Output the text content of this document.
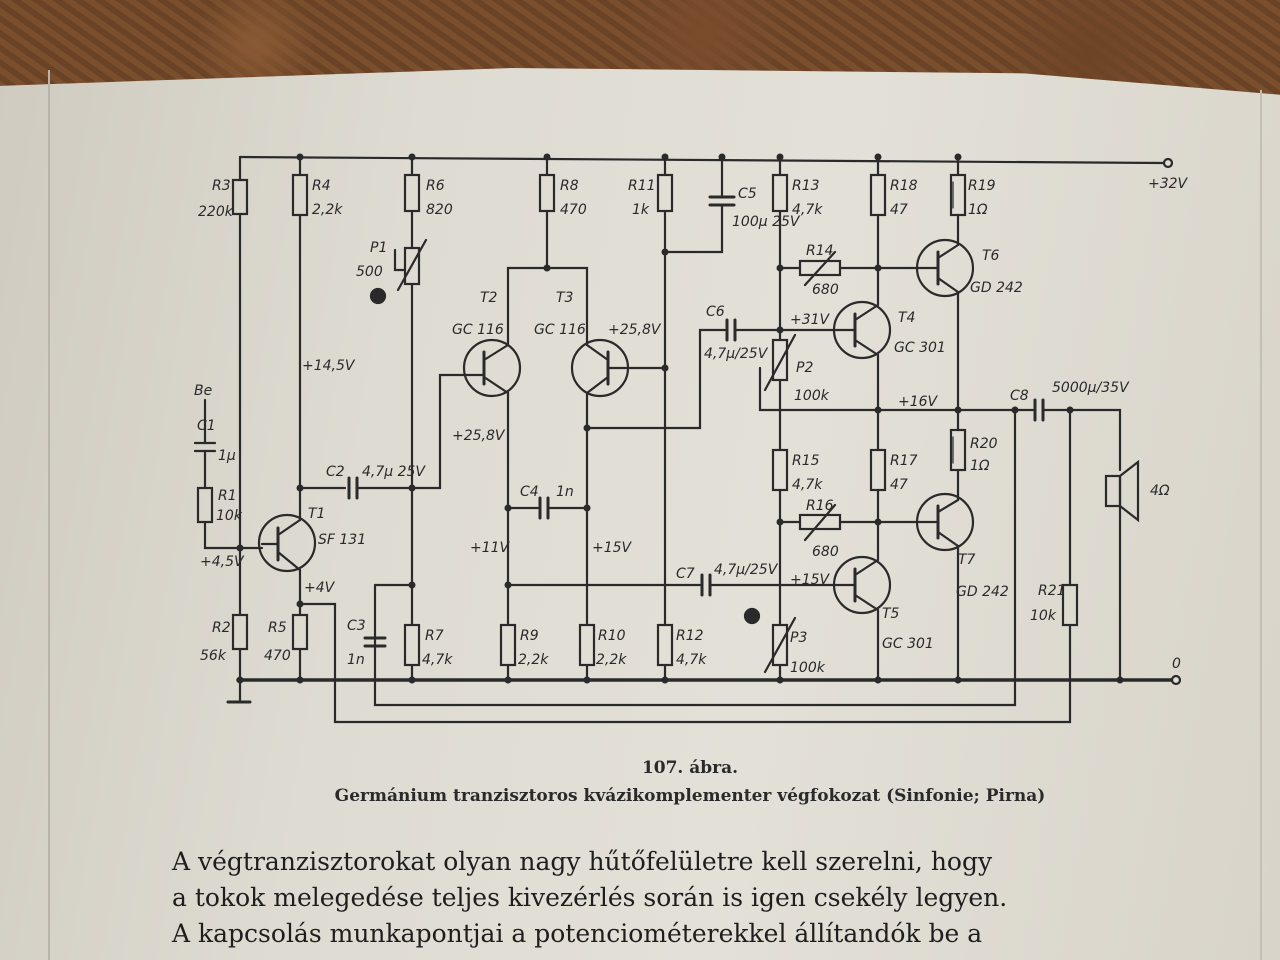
+32V
0
Be
4Ω
R3
220k
R4
2,2k
R6
820
R8
470
R11
1k
R13
4,7k
R18
47
R19
1Ω
R1
10k
R2
56k
R5
470
R7
4,7k
R9
2,2k
R10
2,2k
R12
4,7k
R15
4,7k
R17
47
R20
1Ω
R21
10k
R14
680
R16
680
P1
500
P2
100k
P3
100k
C1
1μ
C2 4,7μ 25V
C3
1n
C4 1n
C5
100μ 25V
C6
4,7μ/25V
C7 4,7μ/25V
C8 5000μ/35V
T1
SF 131
T2
GC 116
T3
GC 116
T4
GC 301
T5
GC 301
T6
GD 242
T7
GD 242
+14,5V
+25,8V
+25,8V
+4,5V
+4V
+11V	+15V
+31V
+16V
+15V
107. ábra.
Germánium tranzisztoros kvázikomplementer végfokozat (Sinfonie; Pirna)
A végtranzisztorokat olyan nagy hűtőfelületre kell szerelni, hogy
a tokok melegedése teljes kivezérlés során is igen csekély legyen.
A kapcsolás munkapontjai a potenciométerekkel állítandók be a
